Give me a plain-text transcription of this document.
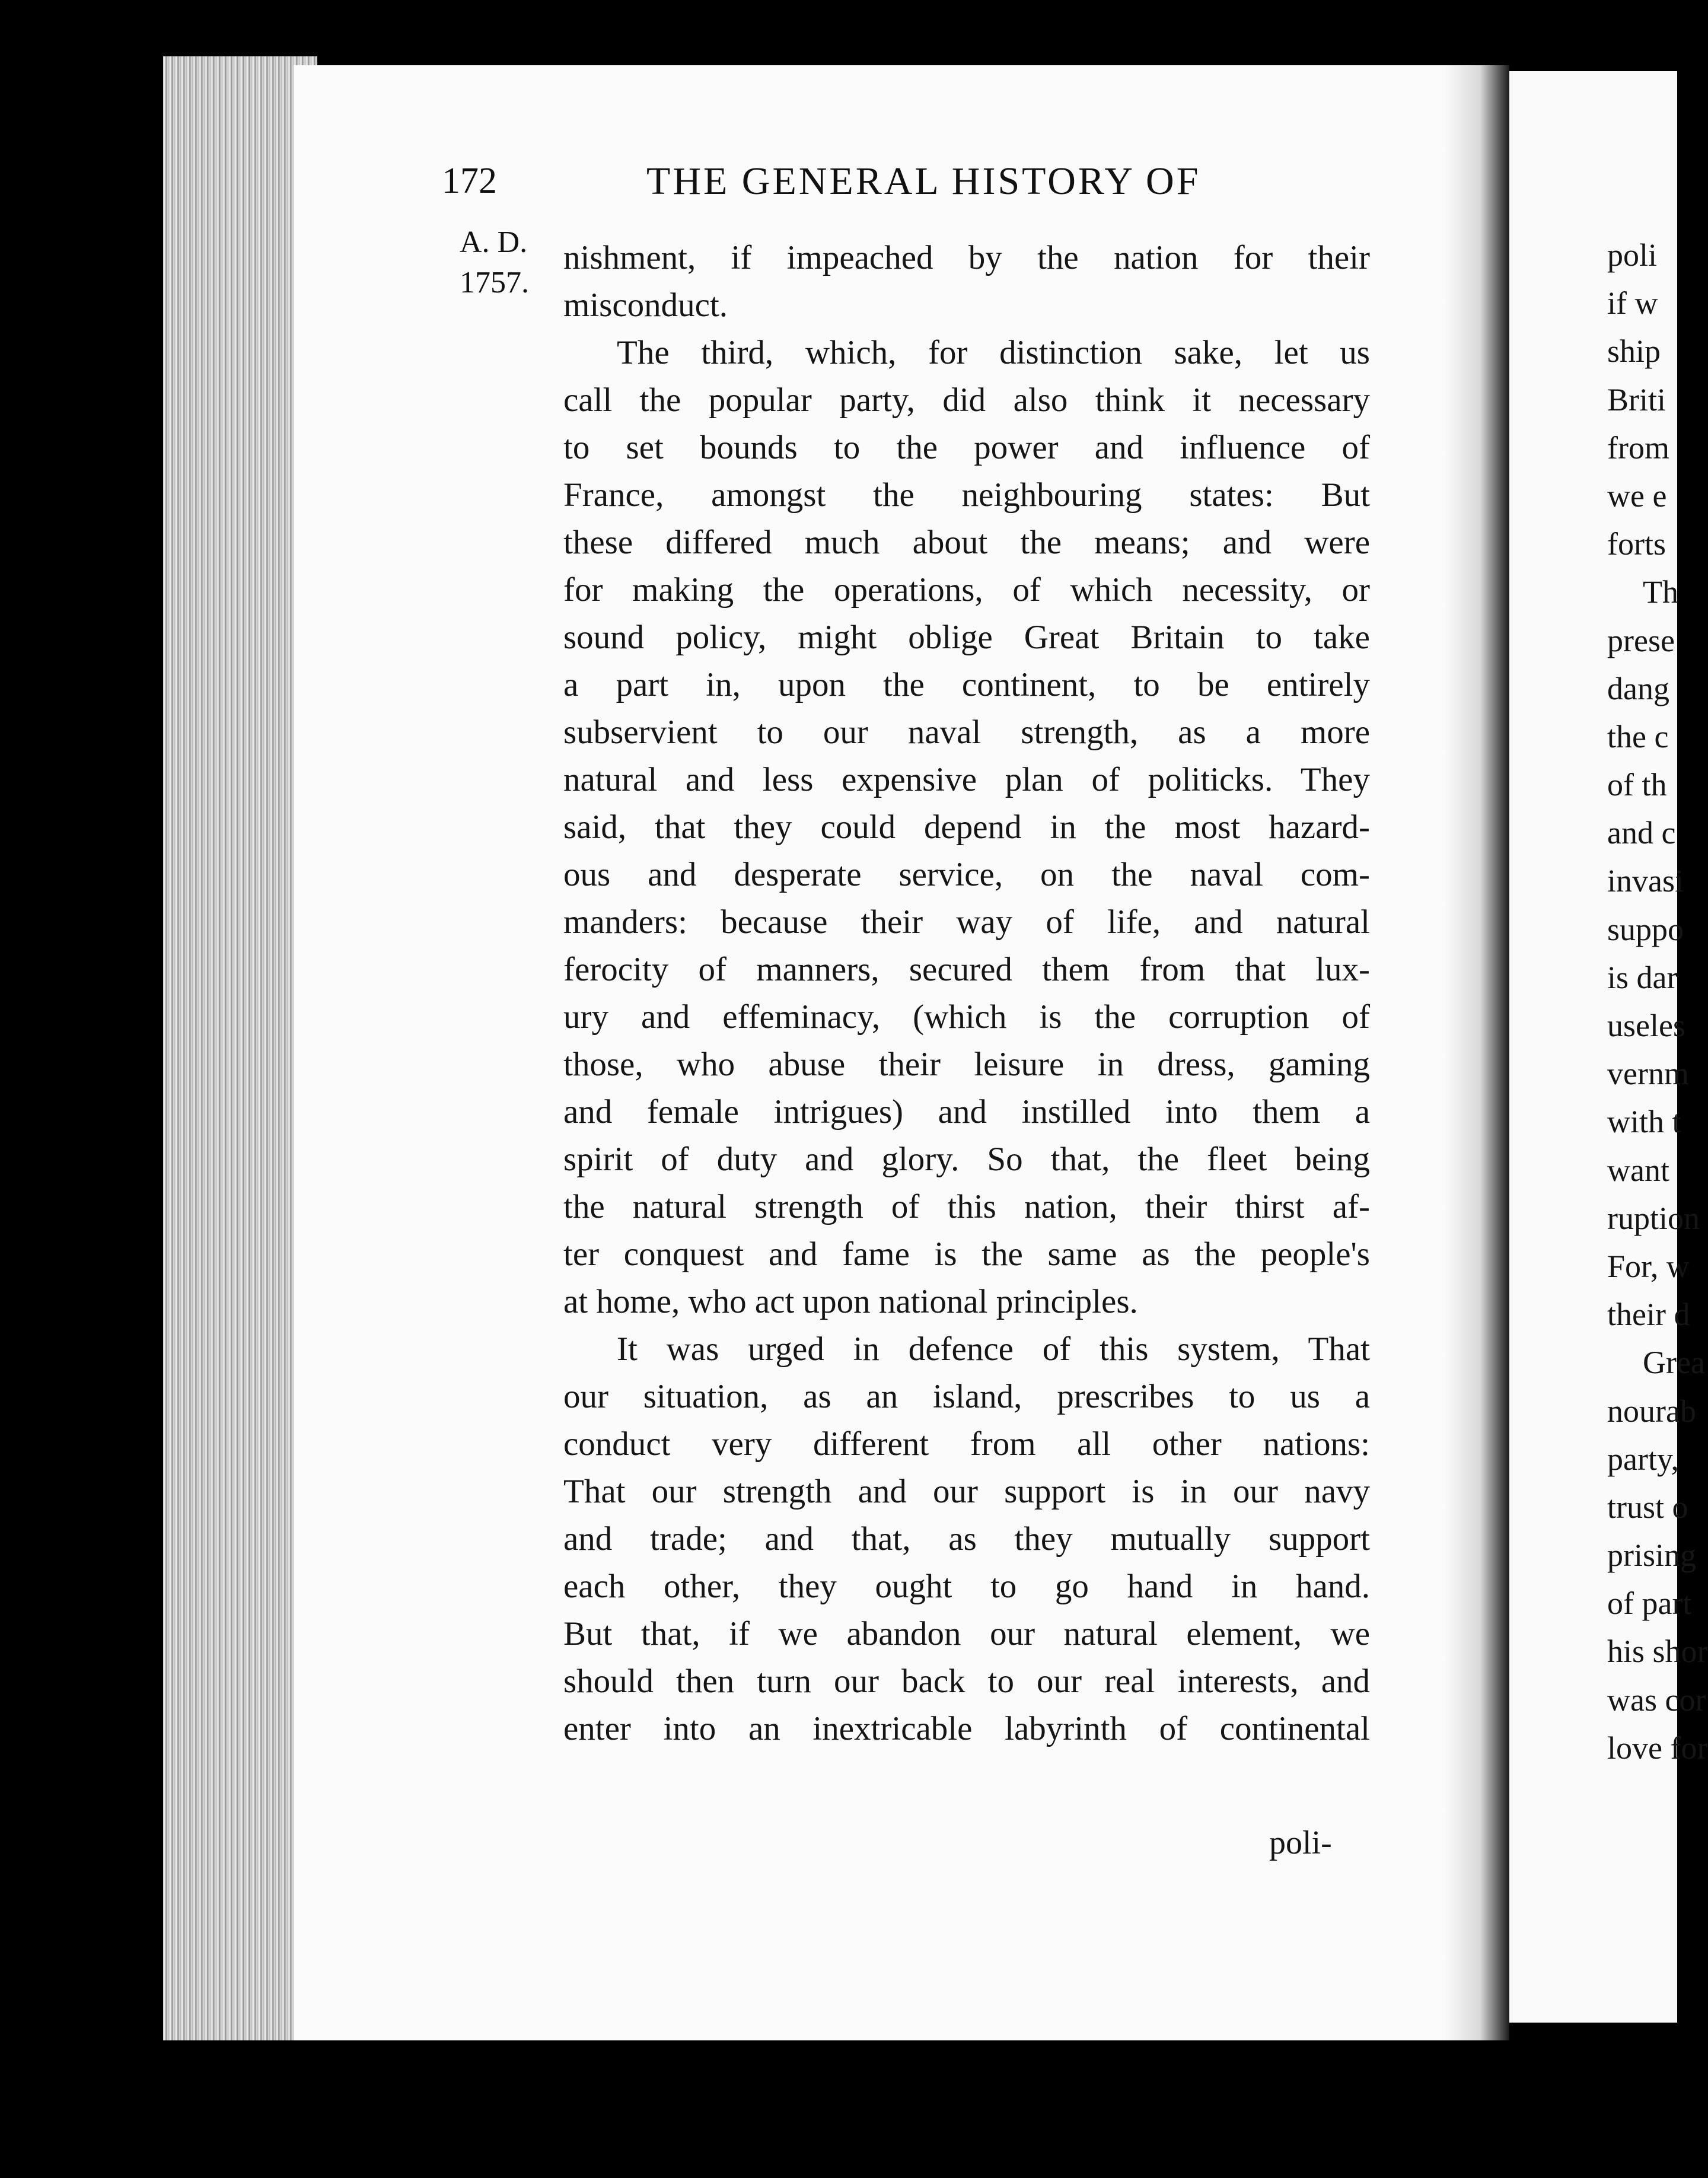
172	THE GENERAL HISTORY OF
A. D.
1757.
nishment, if impeached by the nation for their
misconduct.
The third, which, for distinction sake, let us
call the popular party, did also think it necessary
to set bounds to the power and influence of
France, amongst the neighbouring states: But
these differed much about the means; and were
for making the operations, of which necessity, or
sound policy, might oblige Great Britain to take
a part in, upon the continent, to be entirely
subservient to our naval strength, as a more
natural and less expensive plan of politicks. They
said, that they could depend in the most hazard-
ous and desperate service, on the naval com-
manders: because their way of life, and natural
ferocity of manners, secured them from that lux-
ury and effeminacy, (which is the corruption of
those, who abuse their leisure in dress, gaming
and female intrigues) and instilled into them a
spirit of duty and glory. So that, the fleet being
the natural strength of this nation, their thirst af-
ter conquest and fame is the same as the people's
at home, who act upon national principles.
It was urged in defence of this system, That
our situation, as an island, prescribes to us a
conduct very different from all other nations:
That our strength and our support is in our navy
and trade; and that, as they mutually support
each other, they ought to go hand in hand.
But that, if we abandon our natural element, we
should then turn our back to our real interests, and
enter into an inextricable labyrinth of continental
poli-
poli
if w
ship
Briti
from
we e
forts
Th
prese
dang
the c
of th
and c
invasi
suppo
is dar
useles
vernm
with t
want
ruption
For, w
their d
Grea
nourab
party,
trust o
prising
of part
his shor
was cor
love for
